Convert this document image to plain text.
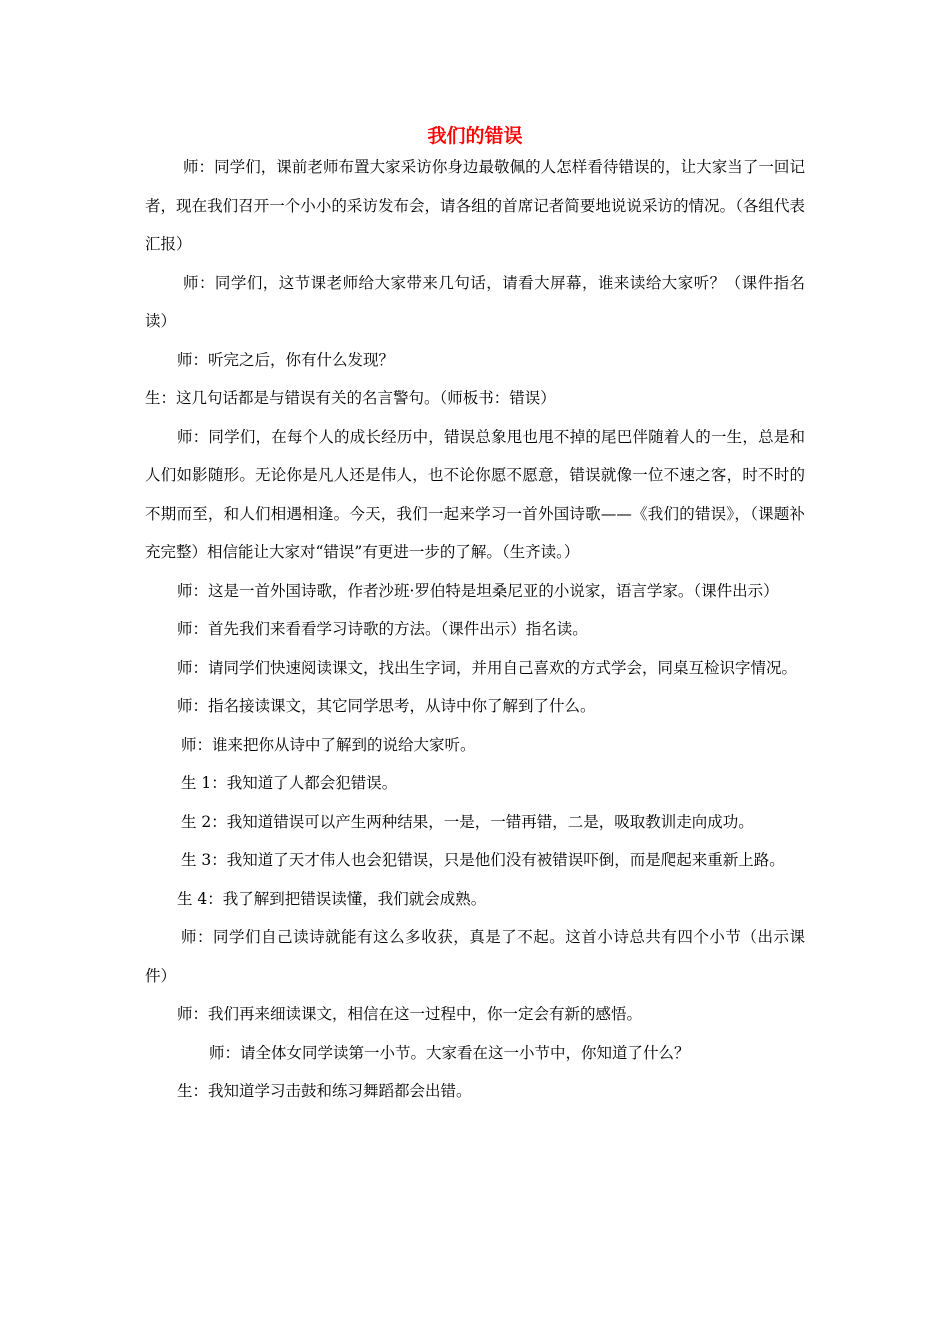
我们的错误

师：同学们，课前老师布置大家采访你身边最敬佩的人怎样看待错误的，让大家当了一回记者，现在我们召开一个小小的采访发布会，请各组的首席记者简要地说说采访的情况。（各组代表汇报）

师：同学们，这节课老师给大家带来几句话，请看大屏幕，谁来读给大家听？（课件指名读）

师：听完之后，你有什么发现？

生：这几句话都是与错误有关的名言警句。（师板书：错误）

师：同学们，在每个人的成长经历中，错误总象甩也甩不掉的尾巴伴随着人的一生，总是和人们如影随形。无论你是凡人还是伟人，也不论你愿不愿意，错误就像一位不速之客，时不时的不期而至，和人们相遇相逢。今天，我们一起来学习一首外国诗歌——《我们的错误》，（课题补充完整）相信能让大家对“错误”有更进一步的了解。（生齐读。）

师：这是一首外国诗歌，作者沙班·罗伯特是坦桑尼亚的小说家，语言学家。（课件出示）

师：首先我们来看看学习诗歌的方法。（课件出示）指名读。

师：请同学们快速阅读课文，找出生字词，并用自己喜欢的方式学会，同桌互检识字情况。

师：指名接读课文，其它同学思考，从诗中你了解到了什么。

师：谁来把你从诗中了解到的说给大家听。

生 1：我知道了人都会犯错误。

生 2：我知道错误可以产生两种结果，一是，一错再错，二是，吸取教训走向成功。

生 3：我知道了天才伟人也会犯错误，只是他们没有被错误吓倒，而是爬起来重新上路。

生 4：我了解到把错误读懂，我们就会成熟。

师：同学们自己读诗就能有这么多收获，真是了不起。这首小诗总共有四个小节（出示课件）

师：我们再来细读课文，相信在这一过程中，你一定会有新的感悟。

师：请全体女同学读第一小节。大家看在这一小节中，你知道了什么？

生：我知道学习击鼓和练习舞蹈都会出错。
